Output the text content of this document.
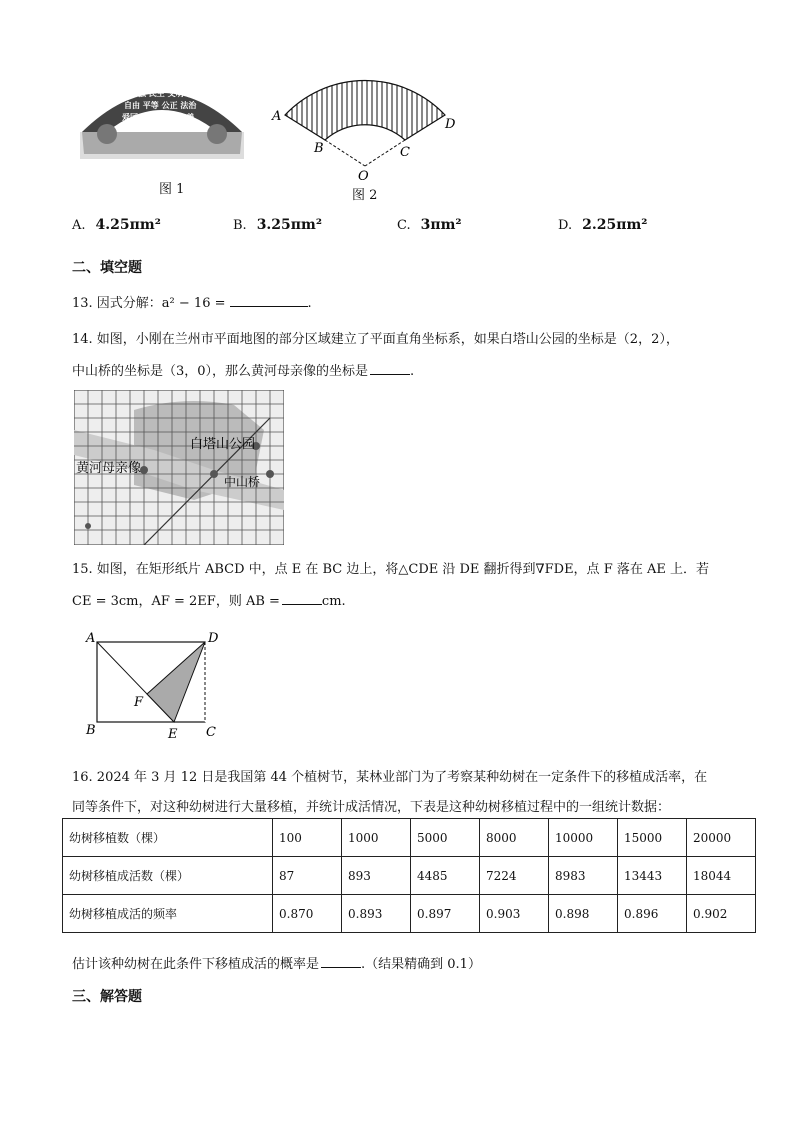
富强 民主 文明 和谐
自由 平等 公正 法治
爱国 敬业 诚信 友善
图 1
A
B	C
D
O
图 2
A. 4.25πm²	B. 3.25πm²	C. 3πm²	D. 2.25πm²
二、填空题
13. 因式分解：a² − 16 =	.
14. 如图，小刚在兰州市平面地图的部分区域建立了平面直角坐标系，如果白塔山公园的坐标是（2，2），
中山桥的坐标是（3，0），那么黄河母亲像的坐标是	.
白塔山公园
中山桥
黄河母亲像
15. 如图，在矩形纸片 ABCD 中，点 E 在 BC 边上，将△CDE 沿 DE 翻折得到∇FDE，点 F 落在 AE 上．若
CE = 3cm，AF = 2EF，则 AB =	cm.
A	D
F
B	E C
16. 2024 年 3 月 12 日是我国第 44 个植树节，某林业部门为了考察某种幼树在一定条件下的移植成活率，在
同等条件下，对这种幼树进行大量移植，并统计成活情况，下表是这种幼树移植过程中的一组统计数据：
幼树移植数（棵）	100	1000	5000	8000	10000	15000	20000
幼树移植成活数（棵）	87	893	4485	7224	8983	13443	18044
幼树移植成活的频率	0.870	0.893	0.897	0.903	0.898	0.896	0.902
估计该种幼树在此条件下移植成活的概率是	.（结果精确到 0.1）
三、解答题
